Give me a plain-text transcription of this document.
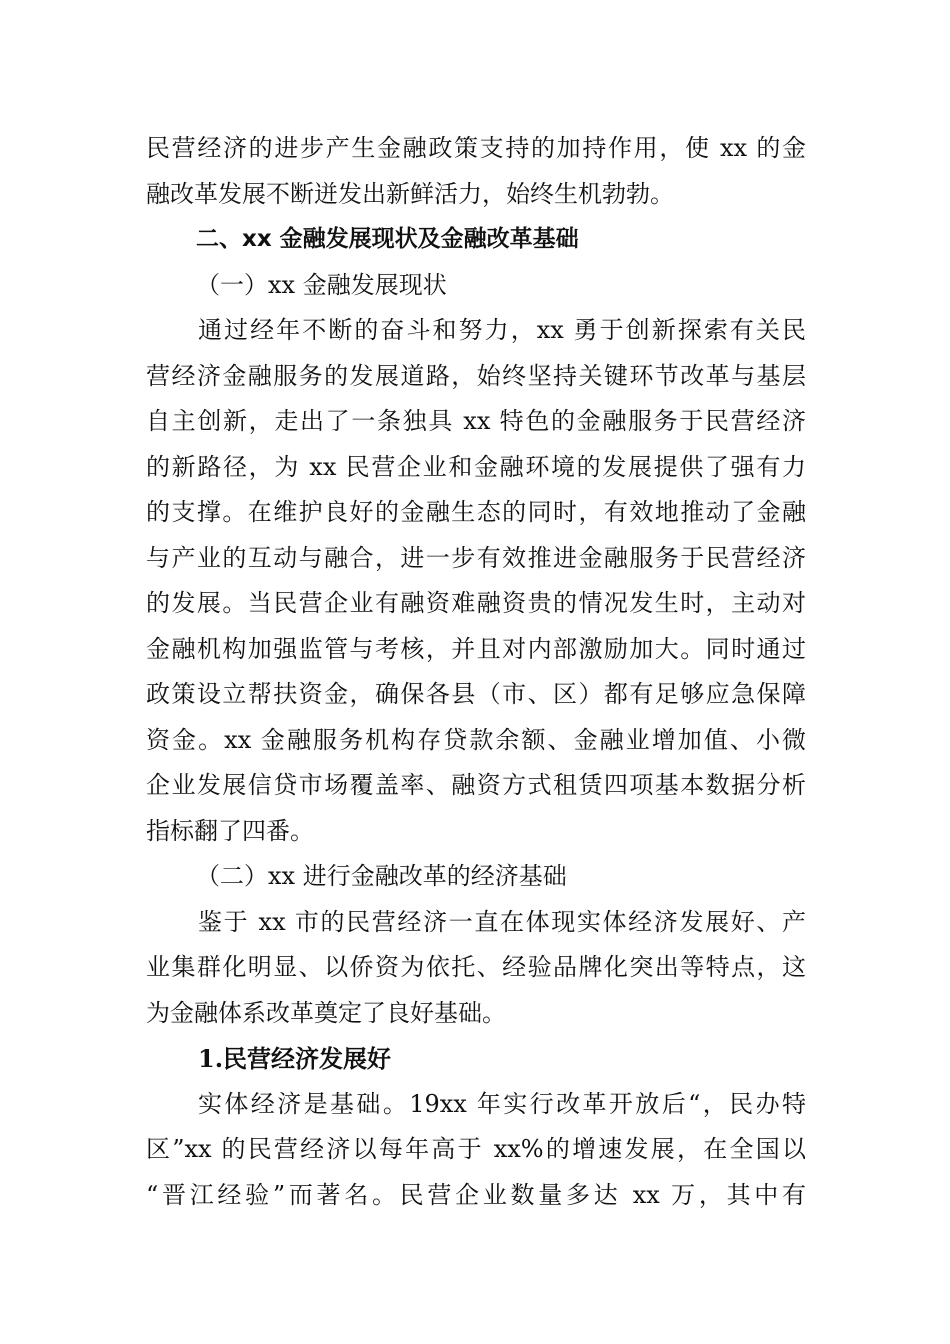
民营经济的进步产生金融政策支持的加持作用，使 xx 的金
融改革发展不断迸发出新鲜活力，始终生机勃勃。
二、xx 金融发展现状及金融改革基础
（一）xx 金融发展现状
通过经年不断的奋斗和努力，xx 勇于创新探索有关民
营经济金融服务的发展道路，始终坚持关键环节改革与基层
自主创新，走出了一条独具 xx 特色的金融服务于民营经济
的新路径，为 xx 民营企业和金融环境的发展提供了强有力
的支撑。在维护良好的金融生态的同时，有效地推动了金融
与产业的互动与融合，进一步有效推进金融服务于民营经济
的发展。当民营企业有融资难融资贵的情况发生时，主动对
金融机构加强监管与考核，并且对内部激励加大。同时通过
政策设立帮扶资金，确保各县（市、区）都有足够应急保障
资金。xx 金融服务机构存贷款余额、金融业增加值、小微
企业发展信贷市场覆盖率、融资方式租赁四项基本数据分析
指标翻了四番。
（二）xx 进行金融改革的经济基础
鉴于 xx 市的民营经济一直在体现实体经济发展好、产
业集群化明显、以侨资为依托、经验品牌化突出等特点，这
为金融体系改革奠定了良好基础。
1.民营经济发展好
实体经济是基础。19xx 年实行改革开放后“，民办特
区”xx 的民营经济以每年高于 xx%的增速发展，在全国以
“晋江经验”而著名。民营企业数量多达 xx 万，其中有
